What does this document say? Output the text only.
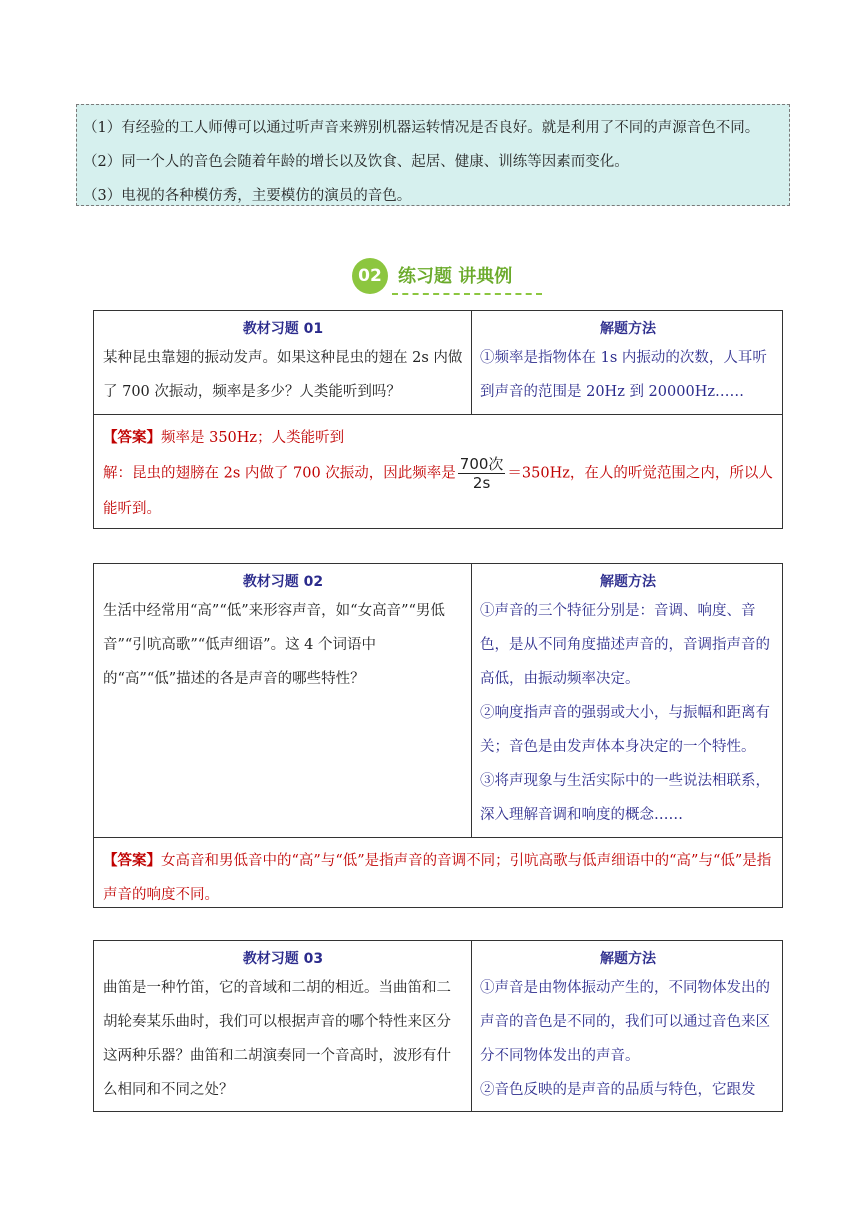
（1）有经验的工人师傅可以通过听声音来辨别机器运转情况是否良好。就是利用了不同的声源音色不同。
（2）同一个人的音色会随着年龄的增长以及饮食、起居、健康、训练等因素而变化。
（3）电视的各种模仿秀，主要模仿的演员的音色。
02 练习题 讲典例
教材习题 01
某种昆虫靠翅的振动发声。如果这种昆虫的翅在 2s 内做了 700 次振动，频率是多少？人类能听到吗？
解题方法
①频率是指物体在 1s 内振动的次数，人耳听到声音的范围是 20Hz 到 20000Hz……
【答案】频率是 350Hz；人类能听到
解：昆虫的翅膀在 2s 内做了 700 次振动，因此频率是 $\frac{\text{700次}}{2s} =350Hz$，在人的听觉范围之内，所以人能听到。
教材习题 02
生活中经常用“高”“低”来形容声音，如“女高音”“男低音”“引吭高歌”“低声细语”。这 4 个词语中的“高”“低”描述的各是声音的哪些特性？
解题方法
①声音的三个特征分别是：音调、响度、音色，是从不同角度描述声音的，音调指声音的高低，由振动频率决定。
②响度指声音的强弱或大小，与振幅和距离有关；音色是由发声体本身决定的一个特性。
③将声现象与生活实际中的一些说法相联系，深入理解音调和响度的概念……
【答案】女高音和男低音中的“高”与“低”是指声音的音调不同；引吭高歌与低声细语中的“高”与“低”是指声音的响度不同。
教材习题 03
曲笛是一种竹笛，它的音域和二胡的相近。当曲笛和二胡轮奏某乐曲时，我们可以根据声音的哪个特性来区分这两种乐器？曲笛和二胡演奏同一个音高时，波形有什么相同和不同之处？
解题方法
①声音是由物体振动产生的，不同物体发出的声音的音色是不同的，我们可以通过音色来区分不同物体发出的声音。
②音色反映的是声音的品质与特色，它跟发
